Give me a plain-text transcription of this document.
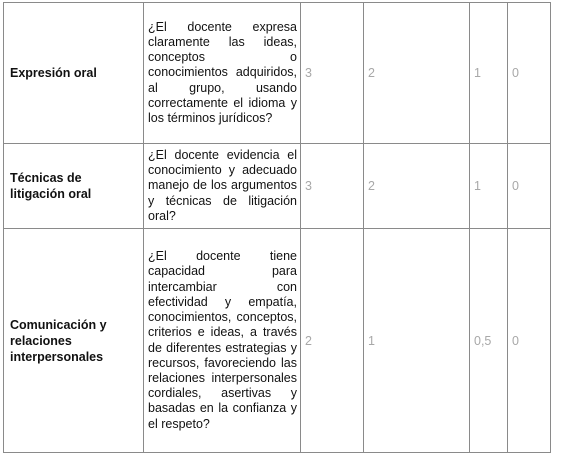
Expresión oral	¿El docente expresa claramente las ideas, conceptos o conocimientos adquiridos, al grupo, usando correctamente el idioma y los términos jurídicos?	3	2	1	0
Técnicas de litigación oral	¿El docente evidencia el conocimiento y adecuado manejo de los argumentos y técnicas de litigación oral?	3	2	1	0
Comunicación y relaciones interpersonales	¿El docente tiene capacidad para intercambiar con efectividad y empatía, conocimientos, conceptos, criterios e ideas, a través de diferentes estrategias y recursos, favoreciendo las relaciones interpersonales cordiales, asertivas y basadas en la confianza y el respeto?	2	1	0,5	0
